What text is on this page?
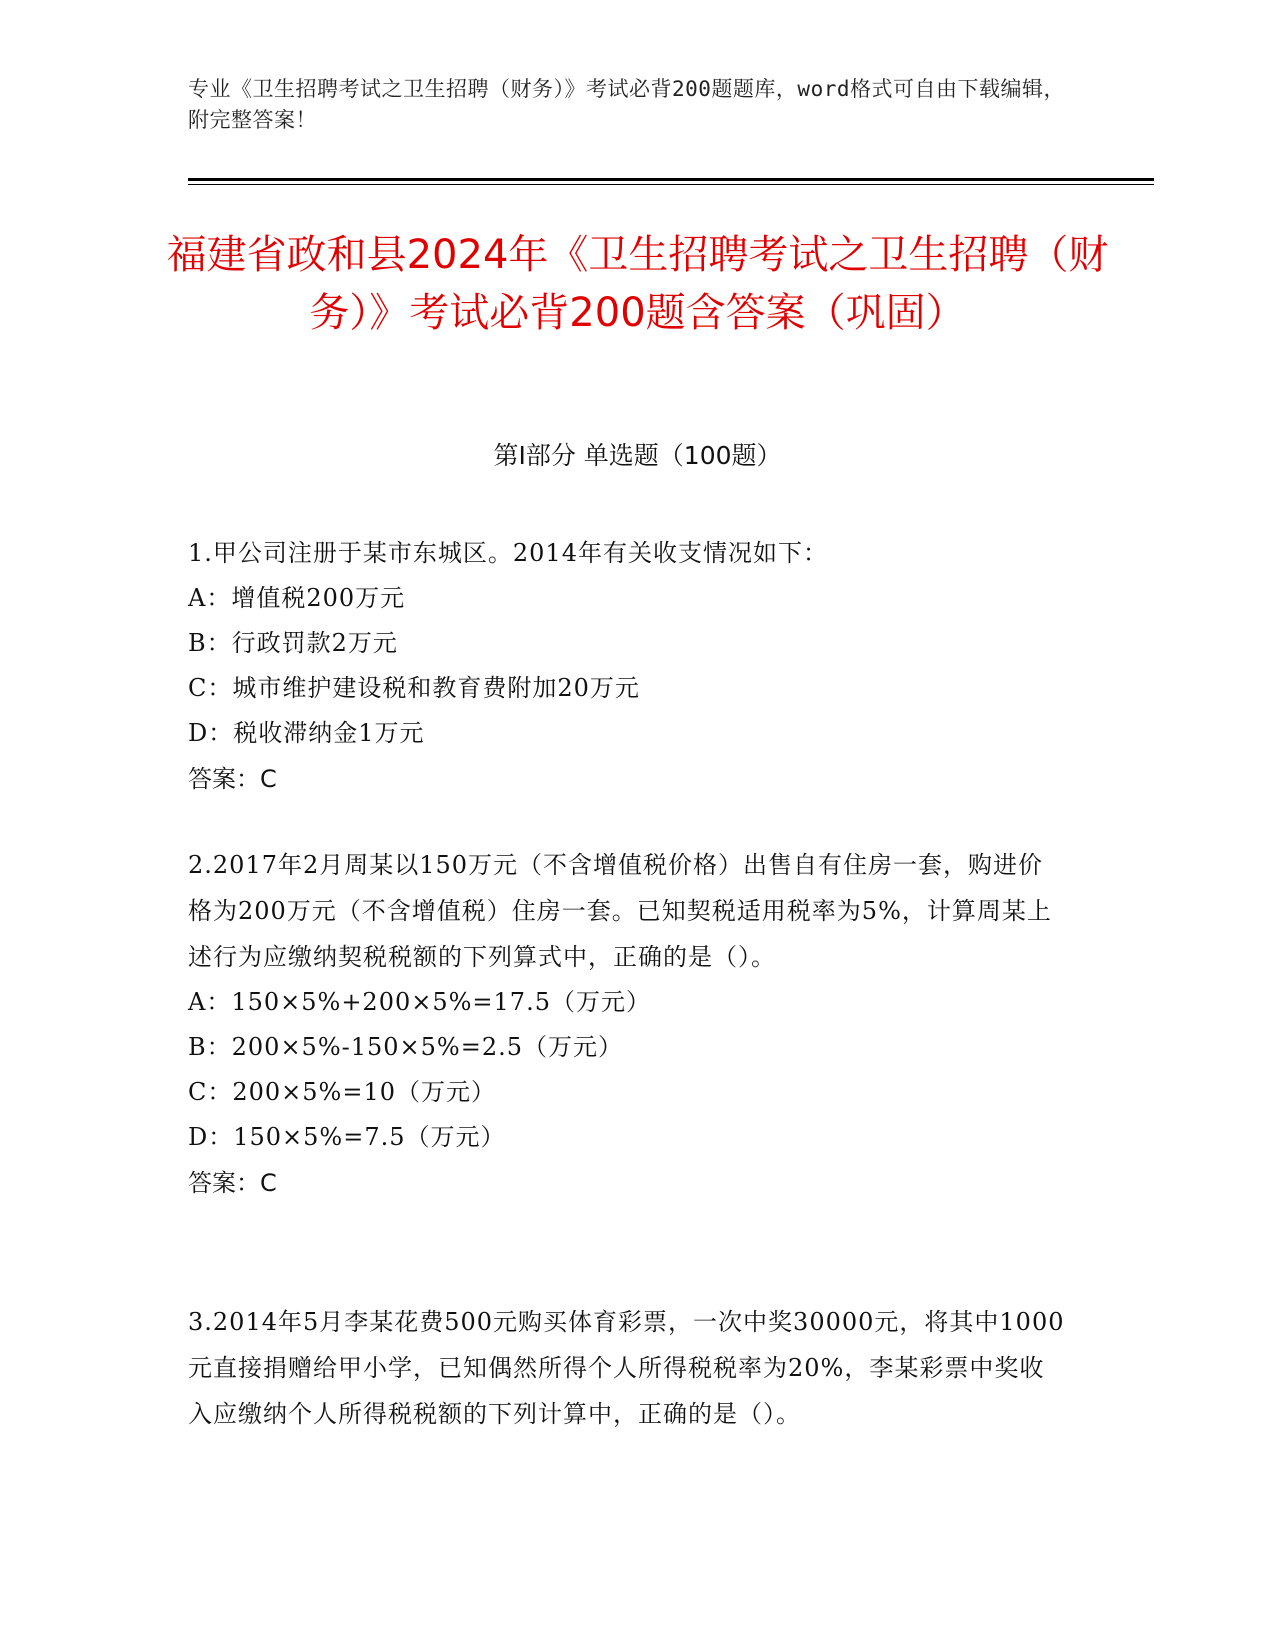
专业《卫生招聘考试之卫生招聘（财务）》考试必背200题题库，word格式可自由下载编辑，附完整答案！
福建省政和县2024年《卫生招聘考试之卫生招聘（财务）》考试必背200题含答案（巩固）
第Ⅰ部分 单选题（100题）
1.甲公司注册于某市东城区。2014年有关收支情况如下：
A：增值税200万元
B：行政罚款2万元
C：城市维护建设税和教育费附加20万元
D：税收滞纳金1万元
答案：C
2.2017年2月周某以150万元（不含增值税价格）出售自有住房一套，购进价格为200万元（不含增值税）住房一套。已知契税适用税率为5%，计算周某上述行为应缴纳契税税额的下列算式中，正确的是（）。
A：150×5%+200×5%=17.5（万元）
B：200×5%-150×5%=2.5（万元）
C：200×5%=10（万元）
D：150×5%=7.5（万元）
答案：C
3.2014年5月李某花费500元购买体育彩票，一次中奖30000元，将其中1000元直接捐赠给甲小学，已知偶然所得个人所得税税率为20%，李某彩票中奖收入应缴纳个人所得税税额的下列计算中，正确的是（）。
